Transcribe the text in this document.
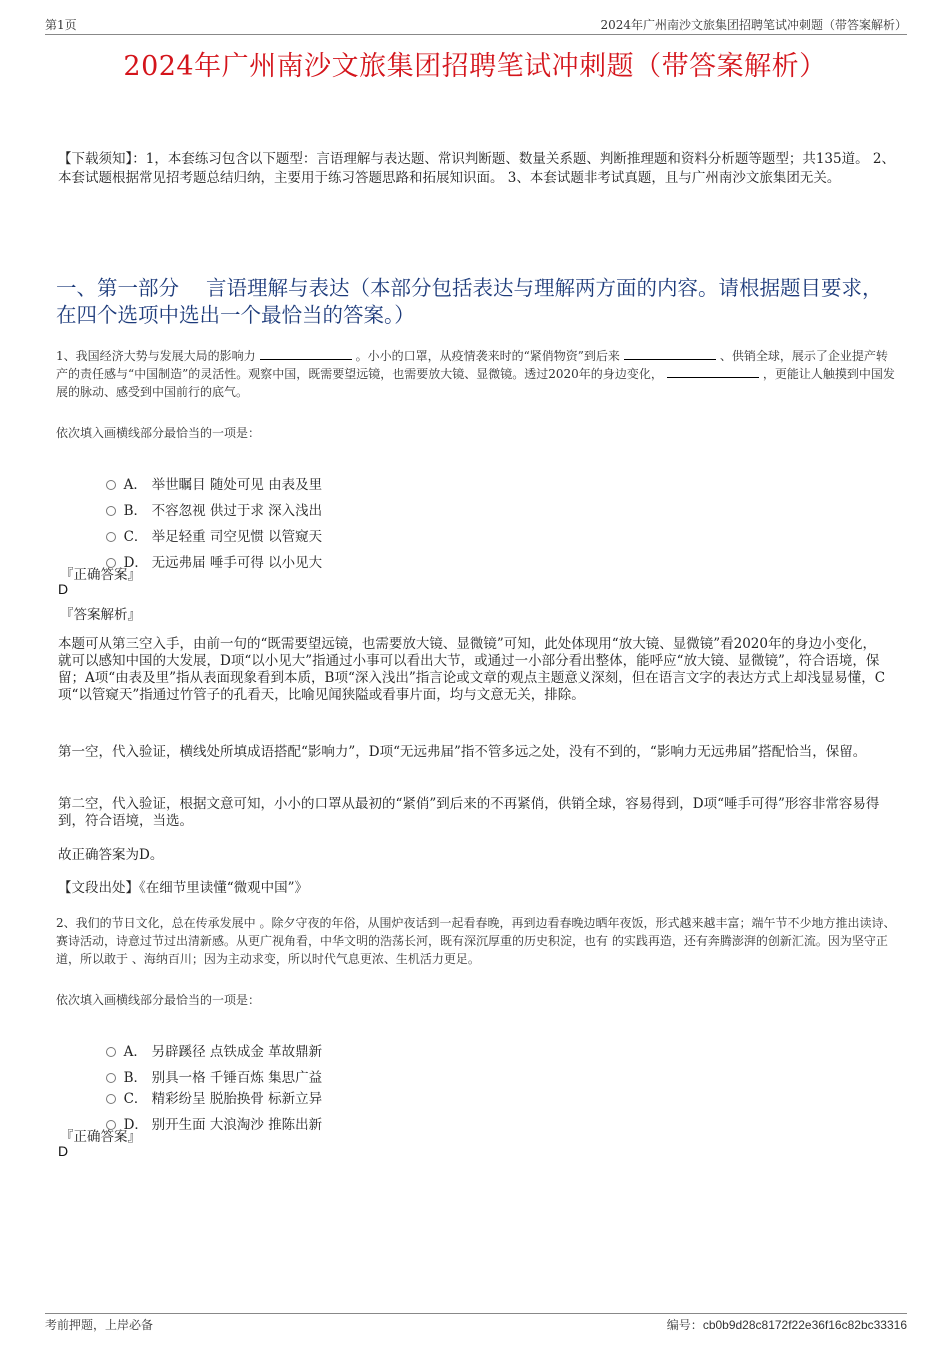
第1页	2024年广州南沙文旅集团招聘笔试冲刺题（带答案解析）
2024年广州南沙文旅集团招聘笔试冲刺题（带答案解析）
【下载须知】：1，本套练习包含以下题型：言语理解与表达题、常识判断题、数量关系题、判断推理题和资料分析题等题型；共135道。 2、本套试题根据常见招考题总结归纳，主要用于练习答题思路和拓展知识面。 3、本套试题非考试真题，且与广州南沙文旅集团无关。
一、第一部分　 言语理解与表达（本部分包括表达与理解两方面的内容。请根据题目要求，在四个选项中选出一个最恰当的答案。）
1、我国经济大势与发展大局的影响力	。小小的口罩，从疫情袭来时的“紧俏物资”到后来	、供销全球，展示了企业提产转产的责任感与“中国制造”的灵活性。观察中国，既需要望远镜，也需要放大镜、显微镜。透过2020年的身边变化，	，更能让人触摸到中国发展的脉动、感受到中国前行的底气。
依次填入画横线部分最恰当的一项是：

A． 举世瞩目 随处可见 由表及里

B． 不容忽视 供过于求 深入浅出

C． 举足轻重 司空见惯 以管窥天

D． 无远弗届 唾手可得 以小见大

『正确答案』
D
『答案解析』
本题可从第三空入手，由前一句的“既需要望远镜，也需要放大镜、显微镜”可知，此处体现用“放大镜、显微镜”看2020年的身边小变化，就可以感知中国的大发展，D项“以小见大”指通过小事可以看出大节，或通过一小部分看出整体，能呼应“放大镜、显微镜”，符合语境，保留；A项“由表及里”指从表面现象看到本质，B项“深入浅出”指言论或文章的观点主题意义深刻，但在语言文字的表达方式上却浅显易懂，C项“以管窥天”指通过竹管子的孔看天，比喻见闻狭隘或看事片面，均与文意无关，排除。
第一空，代入验证，横线处所填成语搭配“影响力”，D项“无远弗届”指不管多远之处，没有不到的，“影响力无远弗届”搭配恰当，保留。
第二空，代入验证，根据文意可知，小小的口罩从最初的“紧俏”到后来的不再紧俏，供销全球，容易得到，D项“唾手可得”形容非常容易得到，符合语境，当选。
故正确答案为D。
【文段出处】《在细节里读懂“微观中国”》
2、我们的节日文化，总在传承发展中 。除夕守夜的年俗，从围炉夜话到一起看春晚，再到边看春晚边晒年夜饭，形式越来越丰富；端午节不少地方推出读诗、赛诗活动，诗意过节过出清新感。从更广视角看，中华文明的浩荡长河，既有深沉厚重的历史积淀，也有 的实践再造，还有奔腾澎湃的创新汇流。因为坚守正道，所以敢于 、海纳百川；因为主动求变，所以时代气息更浓、生机活力更足。
依次填入画横线部分最恰当的一项是：

A． 另辟蹊径 点铁成金 革故鼎新

B． 别具一格 千锤百炼 集思广益

C． 精彩纷呈 脱胎换骨 标新立异

D． 别开生面 大浪淘沙 推陈出新

『正确答案』
D
考前押题，上岸必备	编号：cb0b9d28c8172f22e36f16c82bc33316
